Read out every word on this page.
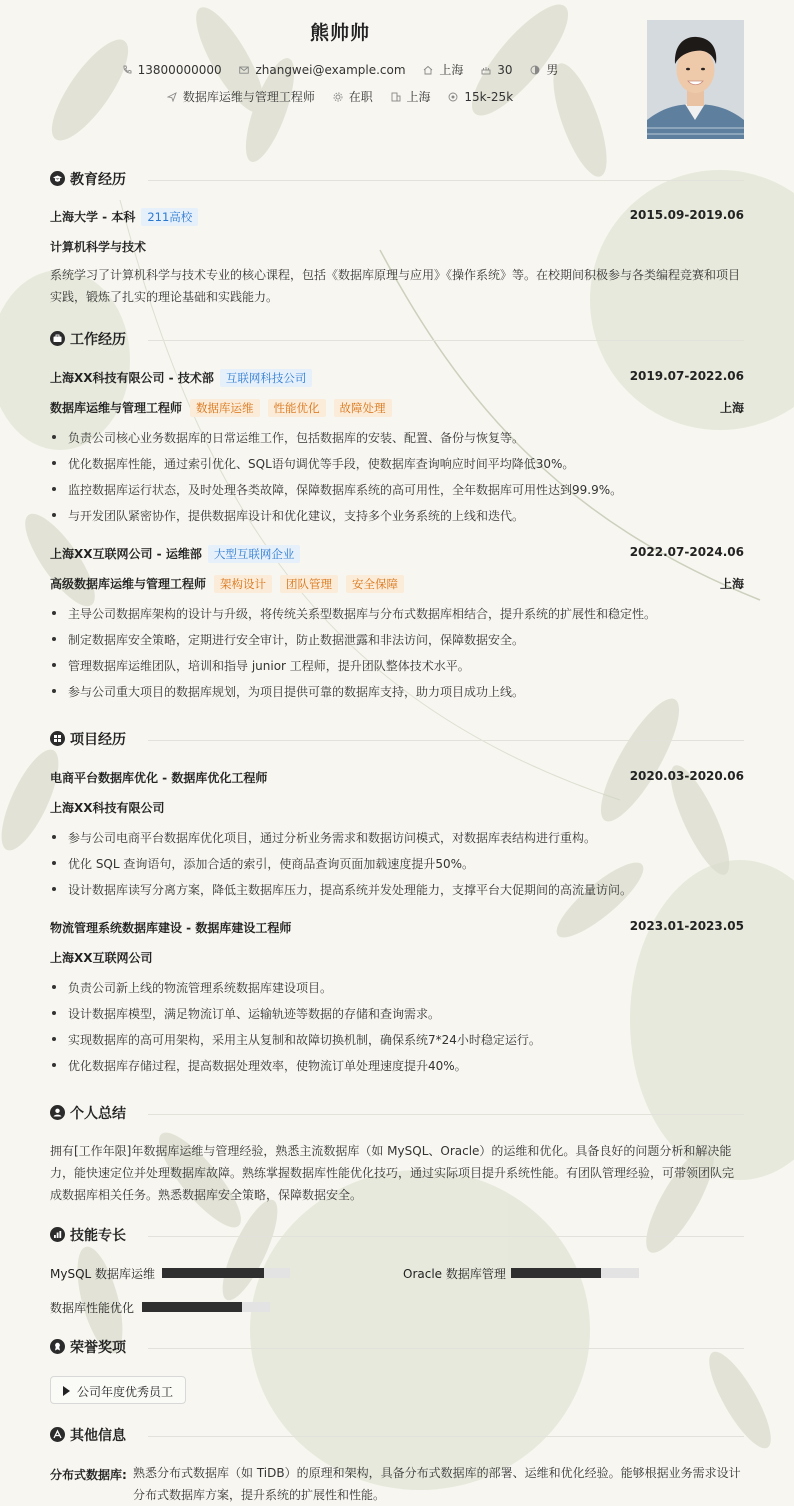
熊帅帅
13800000000	zhangwei@example.com	上海	30	男
数据库运维与管理工程师	在职	上海	15k-25k
教育经历
上海大学 - 本科 211高校	2015.09-2019.06
计算机科学与技术
系统学习了计算机科学与技术专业的核心课程，包括《数据库原理与应用》《操作系统》等。在校期间积极参与各类编程竞赛和项目实践，锻炼了扎实的理论基础和实践能力。
工作经历
上海XX科技有限公司 - 技术部 互联网科技公司	2019.07-2022.06
数据库运维与管理工程师 数据库运维 性能优化 故障处理	上海
负责公司核心业务数据库的日常运维工作，包括数据库的安装、配置、备份与恢复等。
优化数据库性能，通过索引优化、SQL语句调优等手段，使数据库查询响应时间平均降低30%。
监控数据库运行状态，及时处理各类故障，保障数据库系统的高可用性，全年数据库可用性达到99.9%。
与开发团队紧密协作，提供数据库设计和优化建议，支持多个业务系统的上线和迭代。
上海XX互联网公司 - 运维部 大型互联网企业	2022.07-2024.06
高级数据库运维与管理工程师 架构设计 团队管理 安全保障	上海
主导公司数据库架构的设计与升级，将传统关系型数据库与分布式数据库相结合，提升系统的扩展性和稳定性。
制定数据库安全策略，定期进行安全审计，防止数据泄露和非法访问，保障数据安全。
管理数据库运维团队，培训和指导 junior 工程师，提升团队整体技术水平。
参与公司重大项目的数据库规划，为项目提供可靠的数据库支持，助力项目成功上线。
项目经历
电商平台数据库优化 - 数据库优化工程师	2020.03-2020.06
上海XX科技有限公司
参与公司电商平台数据库优化项目，通过分析业务需求和数据访问模式，对数据库表结构进行重构。
优化 SQL 查询语句，添加合适的索引，使商品查询页面加载速度提升50%。
设计数据库读写分离方案，降低主数据库压力，提高系统并发处理能力，支撑平台大促期间的高流量访问。
物流管理系统数据库建设 - 数据库建设工程师	2023.01-2023.05
上海XX互联网公司
负责公司新上线的物流管理系统数据库建设项目。
设计数据库模型，满足物流订单、运输轨迹等数据的存储和查询需求。
实现数据库的高可用架构，采用主从复制和故障切换机制，确保系统7*24小时稳定运行。
优化数据库存储过程，提高数据处理效率，使物流订单处理速度提升40%。
个人总结
拥有[工作年限]年数据库运维与管理经验，熟悉主流数据库（如 MySQL、Oracle）的运维和优化。具备良好的问题分析和解决能力，能快速定位并处理数据库故障。熟练掌握数据库性能优化技巧，通过实际项目提升系统性能。有团队管理经验，可带领团队完成数据库相关任务。熟悉数据库安全策略，保障数据安全。
技能专长
MySQL 数据库运维	Oracle 数据库管理
数据库性能优化
荣誉奖项
公司年度优秀员工
其他信息
分布式数据库: 熟悉分布式数据库（如 TiDB）的原理和架构，具备分布式数据库的部署、运维和优化经验。能够根据业务需求设计分布式数据库方案，提升系统的扩展性和性能。
